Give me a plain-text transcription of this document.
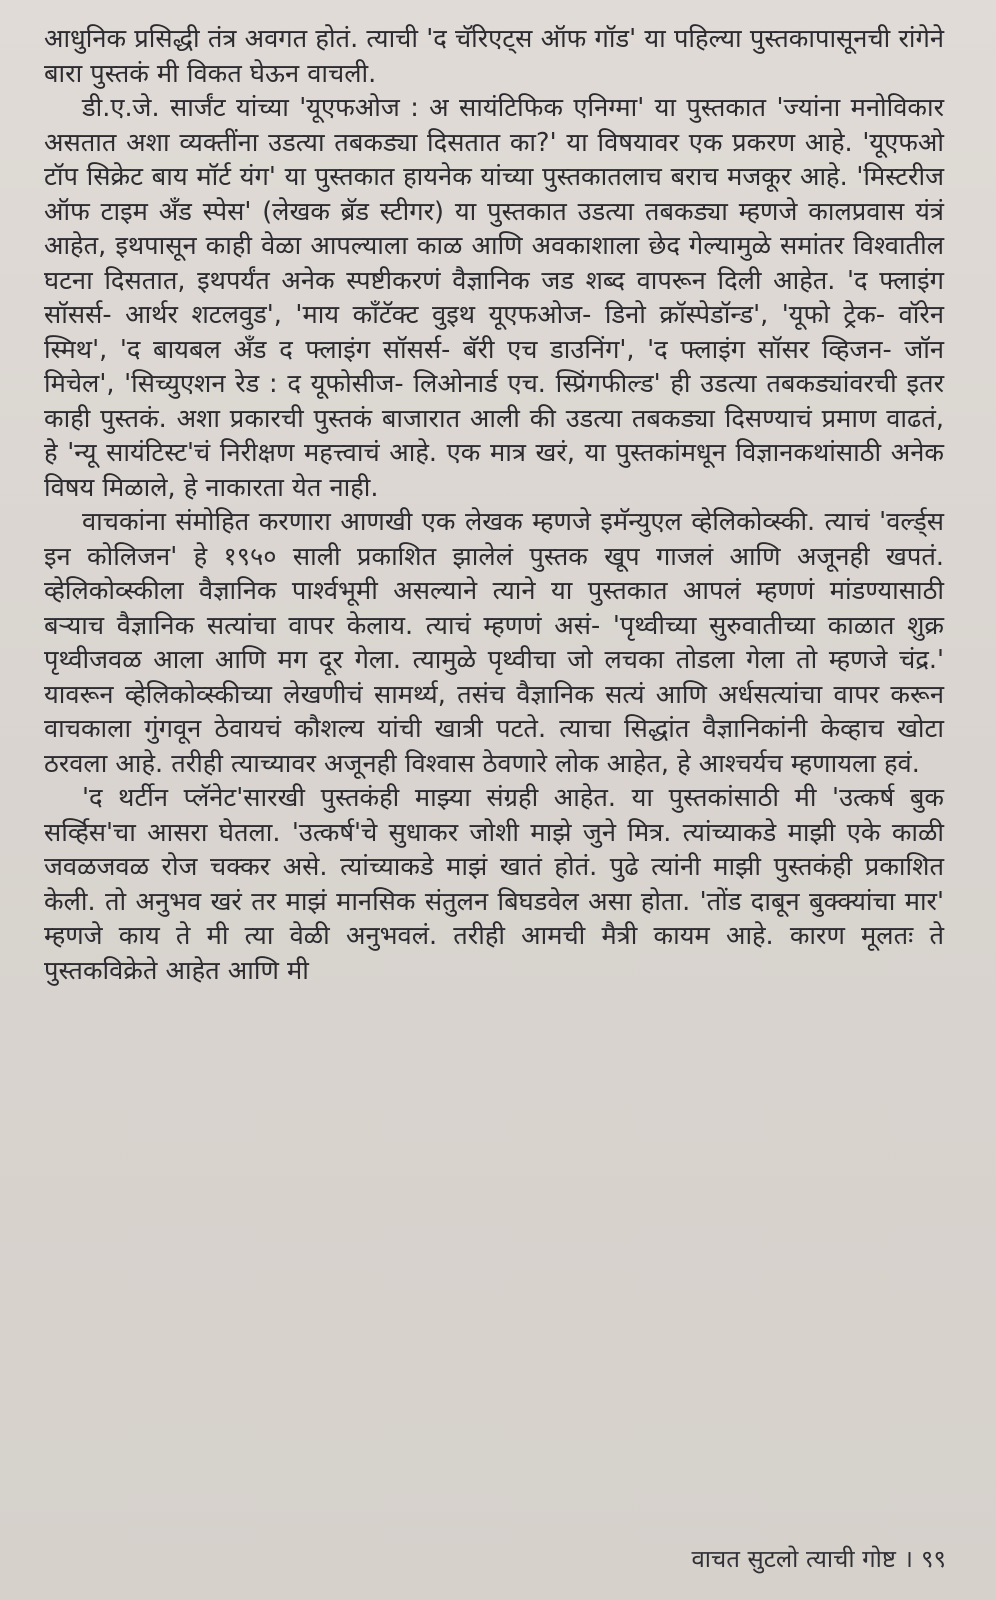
आधुनिक प्रसिद्धी तंत्र अवगत होतं. त्याची 'द चॅरिएट्स ऑफ गॉड' या पहिल्या पुस्तकापासूनची रांगेने बारा पुस्तकं मी विकत घेऊन वाचली.

डी.ए.जे. सार्जंट यांच्या 'यूएफओज : अ सायंटिफिक एनिग्मा' या पुस्तकात 'ज्यांना मनोविकार असतात अशा व्यक्तींना उडत्या तबकड्या दिसतात का?' या विषयावर एक प्रकरण आहे. 'यूएफओ टॉप सिक्रेट बाय मॉर्ट यंग' या पुस्तकात हायनेक यांच्या पुस्तकातलाच बराच मजकूर आहे. 'मिस्टरीज ऑफ टाइम अँड स्पेस' (लेखक ब्रॅड स्टीगर) या पुस्तकात उडत्या तबकड्या म्हणजे कालप्रवास यंत्रं आहेत, इथपासून काही वेळा आपल्याला काळ आणि अवकाशाला छेद गेल्यामुळे समांतर विश्वातील घटना दिसतात, इथपर्यंत अनेक स्पष्टीकरणं वैज्ञानिक जड शब्द वापरून दिली आहेत. 'द फ्लाइंग सॉसर्स- आर्थर शटलवुड', 'माय कॉंटॅक्ट वुइथ यूएफओज- डिनो क्रॉस्पेडॉन्ड', 'यूफो ट्रेक- वॉरेन स्मिथ', 'द बायबल अँड द फ्लाइंग सॉसर्स- बॅरी एच डाउनिंग', 'द फ्लाइंग सॉसर व्हिजन- जॉन मिचेल', 'सिच्युएशन रेड : द यूफोसीज- लिओनार्ड एच. स्प्रिंगफील्ड' ही उडत्या तबकड्यांवरची इतर काही पुस्तकं. अशा प्रकारची पुस्तकं बाजारात आली की उडत्या तबकड्या दिसण्याचं प्रमाण वाढतं, हे 'न्यू सायंटिस्ट'चं निरीक्षण महत्त्वाचं आहे. एक मात्र खरं, या पुस्तकांमधून विज्ञानकथांसाठी अनेक विषय मिळाले, हे नाकारता येत नाही.

वाचकांना संमोहित करणारा आणखी एक लेखक म्हणजे इमॅन्युएल व्हेलिकोव्स्की. त्याचं 'वर्ल्ड्स इन कोलिजन' हे १९५० साली प्रकाशित झालेलं पुस्तक खूप गाजलं आणि अजूनही खपतं. व्हेलिकोव्स्कीला वैज्ञानिक पार्श्वभूमी असल्याने त्याने या पुस्तकात आपलं म्हणणं मांडण्यासाठी बऱ्याच वैज्ञानिक सत्यांचा वापर केलाय. त्याचं म्हणणं असं- 'पृथ्वीच्या सुरुवातीच्या काळात शुक्र पृथ्वीजवळ आला आणि मग दूर गेला. त्यामुळे पृथ्वीचा जो लचका तोडला गेला तो म्हणजे चंद्र.' यावरून व्हेलिकोव्स्कीच्या लेखणीचं सामर्थ्य, तसंच वैज्ञानिक सत्यं आणि अर्धसत्यांचा वापर करून वाचकाला गुंगवून ठेवायचं कौशल्य यांची खात्री पटते. त्याचा सिद्धांत वैज्ञानिकांनी केव्हाच खोटा ठरवला आहे. तरीही त्याच्यावर अजूनही विश्वास ठेवणारे लोक आहेत, हे आश्चर्यच म्हणायला हवं.

'द थर्टीन प्लॅनेट'सारखी पुस्तकंही माझ्या संग्रही आहेत. या पुस्तकांसाठी मी 'उत्कर्ष बुक सर्व्हिस'चा आसरा घेतला. 'उत्कर्ष'चे सुधाकर जोशी माझे जुने मित्र. त्यांच्याकडे माझी एके काळी जवळजवळ रोज चक्कर असे. त्यांच्याकडे माझं खातं होतं. पुढे त्यांनी माझी पुस्तकंही प्रकाशित केली. तो अनुभव खरं तर माझं मानसिक संतुलन बिघडवेल असा होता. 'तोंड दाबून बुक्क्यांचा मार' म्हणजे काय ते मी त्या वेळी अनुभवलं. तरीही आमची मैत्री कायम आहे. कारण मूलतः ते पुस्तकविक्रेते आहेत आणि मी

वाचत सुटलो त्याची गोष्ट । ९९
